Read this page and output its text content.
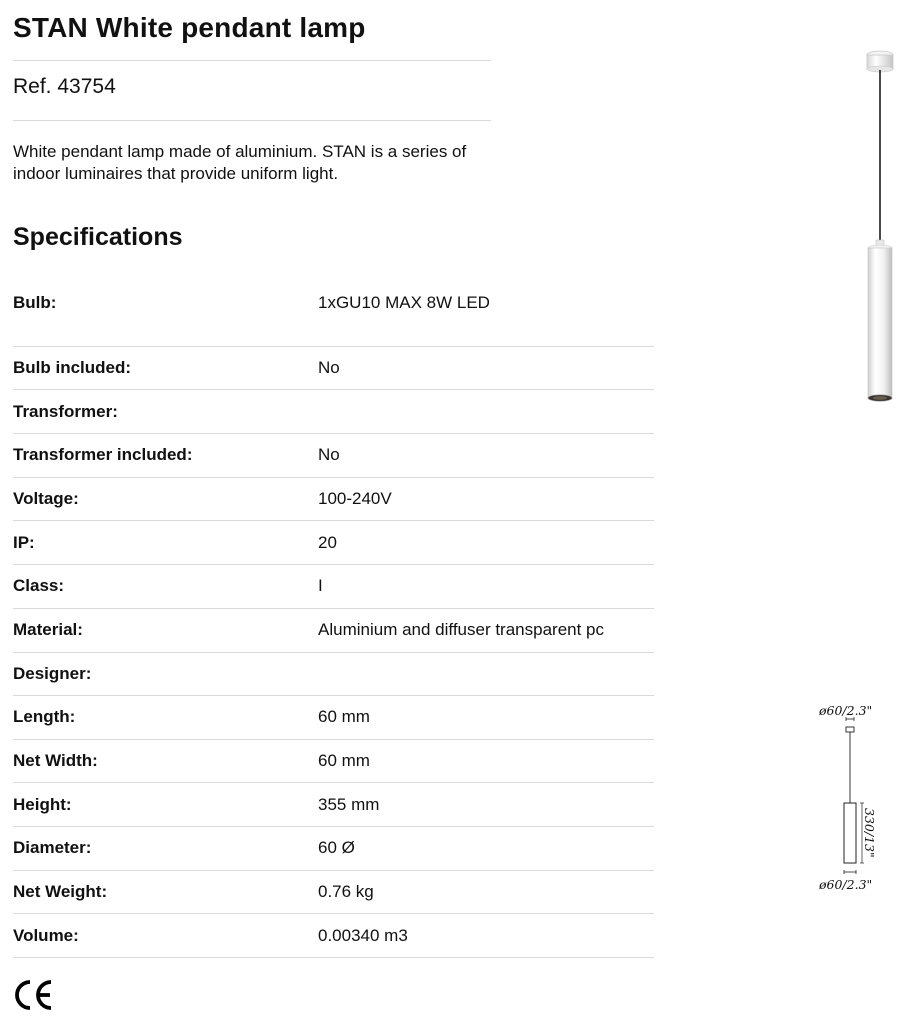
STAN White pendant lamp
Ref. 43754
White pendant lamp made of aluminium. STAN is a series of indoor luminaires that provide uniform light.
Specifications
Bulb:	1xGU10 MAX 8W LED
Bulb included:	No
Transformer:
Transformer included:	No
Voltage:	100-240V
IP:	20
Class:	I
Material:	Aluminium and diffuser transparent pc
Designer:
Length:	60 mm
Net Width:	60 mm
Height:	355 mm
Diameter:	60 Ø
Net Weight:	0.76 kg
Volume:	0.00340 m3
ø60/2.3"
330/13"
ø60/2.3"
